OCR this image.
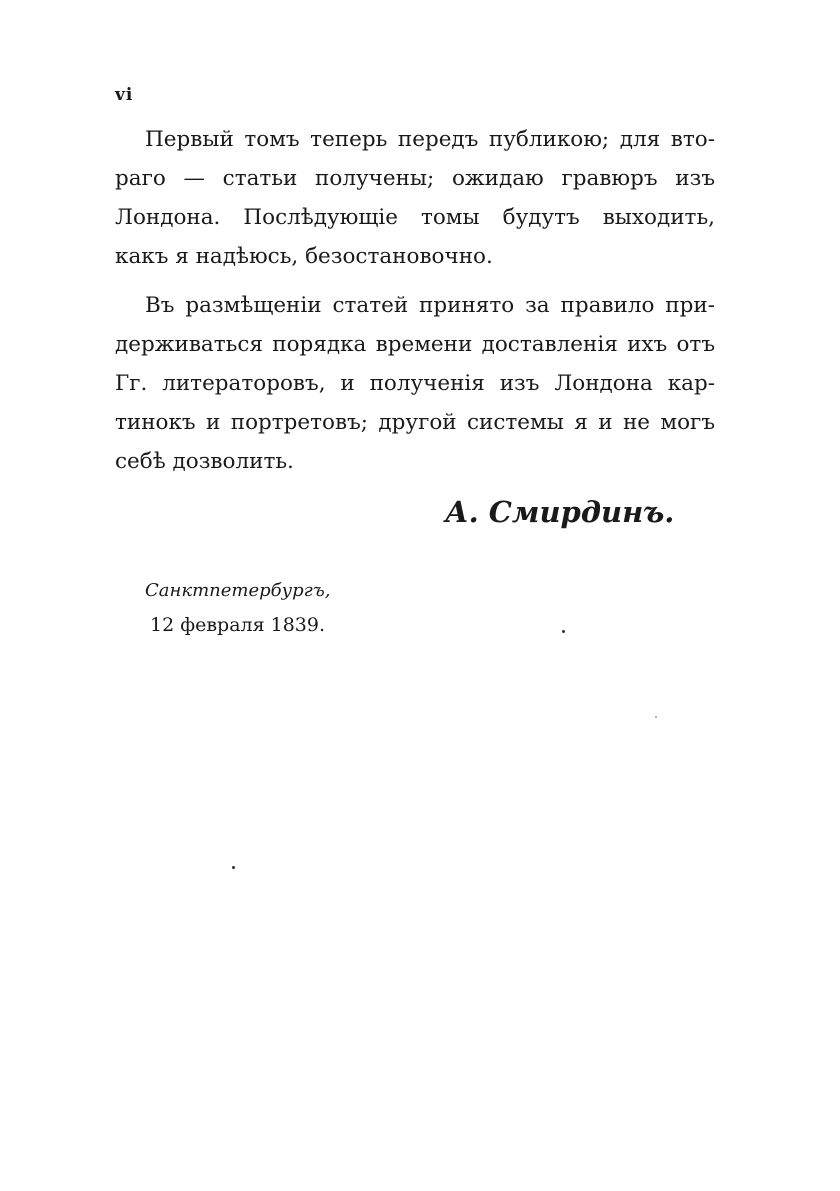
vi

Первый томъ теперь передъ публикою; для вто-
раго — статьи получены; ожидаю гравюръ изъ
Лондона. Послѣдующіе томы будутъ выходить,
какъ я надѣюсь, безостановочно.

Въ размѣщеніи статей принято за правило при-
держиваться порядка времени доставленія ихъ отъ
Гг. литераторовъ, и полученія изъ Лондона кар-
тинокъ и портретовъ; другой системы я и не могъ
себѣ дозволить.

А. Смирдинъ.
Санктпетербургъ,
12 февраля 1839.
